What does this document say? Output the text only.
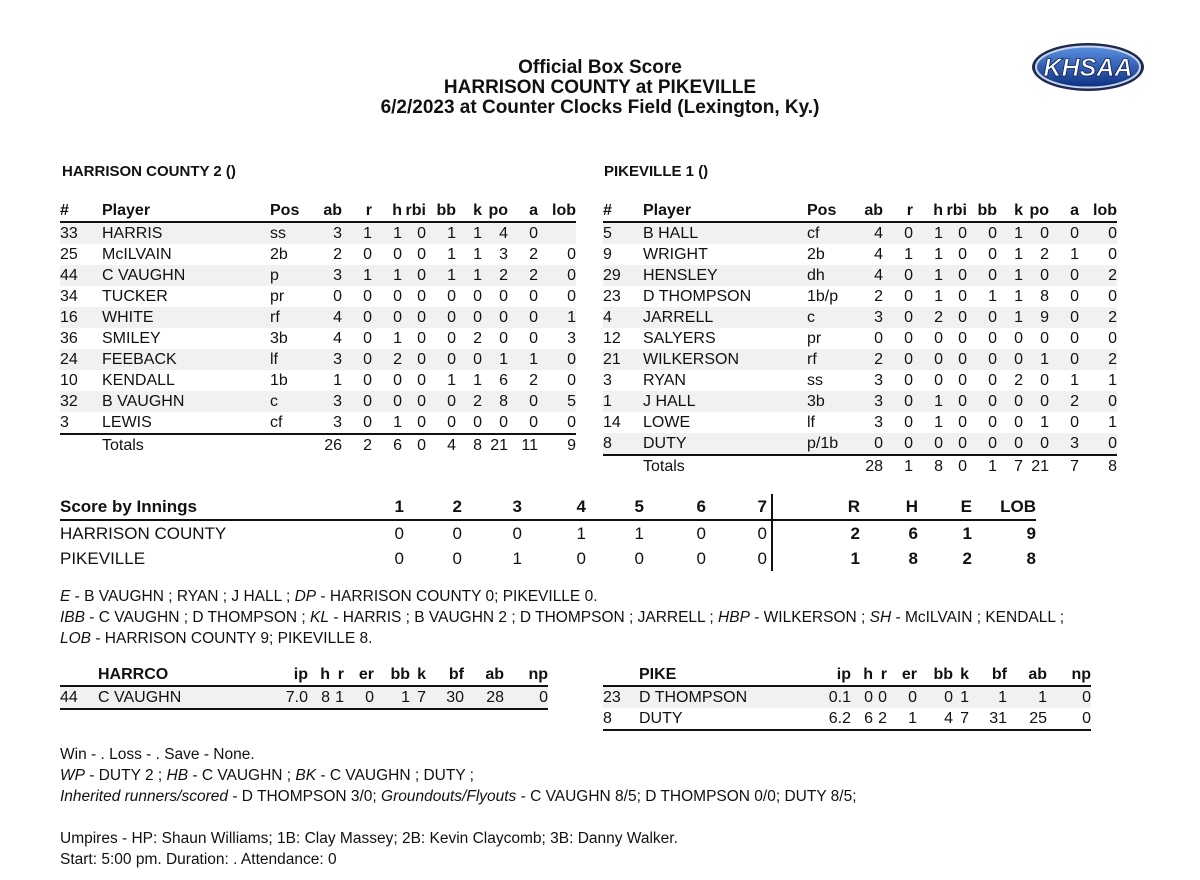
Official Box Score
HARRISON COUNTY at PIKEVILLE
6/2/2023 at Counter Clocks Field (Lexington, Ky.)
KHSAA
HARRISON COUNTY 2 ()
#	Player	Pos	ab	r	h	rbi	bb	k	po	a	lob
33	HARRIS	ss	3	1	1	0	1	1	4	0	
25	McILVAIN	2b	2	0	0	0	1	1	3	2	0
44	C VAUGHN	p	3	1	1	0	1	1	2	2	0
34	TUCKER	pr	0	0	0	0	0	0	0	0	0
16	WHITE	rf	4	0	0	0	0	0	0	0	1
36	SMILEY	3b	4	0	1	0	0	2	0	0	3
24	FEEBACK	lf	3	0	2	0	0	0	1	1	0
10	KENDALL	1b	1	0	0	0	1	1	6	2	0
32	B VAUGHN	c	3	0	0	0	0	2	8	0	5
3	LEWIS	cf	3	0	1	0	0	0	0	0	0
	Totals		26	2	6	0	4	8	21	11	9
PIKEVILLE 1 ()
#	Player	Pos	ab	r	h	rbi	bb	k	po	a	lob
5	B HALL	cf	4	0	1	0	0	1	0	0	0
9	WRIGHT	2b	4	1	1	0	0	1	2	1	0
29	HENSLEY	dh	4	0	1	0	0	1	0	0	2
23	D THOMPSON	1b/p	2	0	1	0	1	1	8	0	0
4	JARRELL	c	3	0	2	0	0	1	9	0	2
12	SALYERS	pr	0	0	0	0	0	0	0	0	0
21	WILKERSON	rf	2	0	0	0	0	0	1	0	2
3	RYAN	ss	3	0	0	0	0	2	0	1	1
1	J HALL	3b	3	0	1	0	0	0	0	2	0
14	LOWE	lf	3	0	1	0	0	0	1	0	1
8	DUTY	p/1b	0	0	0	0	0	0	0	3	0
	Totals		28	1	8	0	1	7	21	7	8
Score by Innings	1	2	3	4	5	6	7	R	H	E	LOB
HARRISON COUNTY	0	0	0	1	1	0	0	2	6	1	9
PIKEVILLE	0	0	1	0	0	0	0	1	8	2	8
E - B VAUGHN ; RYAN ; J HALL ; DP - HARRISON COUNTY 0; PIKEVILLE 0.
IBB - C VAUGHN ; D THOMPSON ; KL - HARRIS ; B VAUGHN 2 ; D THOMPSON ; JARRELL ; HBP - WILKERSON ; SH - McILVAIN ; KENDALL ;
LOB - HARRISON COUNTY 9; PIKEVILLE 8.
	HARRCO	ip	h	r	er	bb	k	bf	ab	np
44	C VAUGHN	7.0	8	1	0	1	7	30	28	0
	PIKE	ip	h	r	er	bb	k	bf	ab	np
23	D THOMPSON	0.1	0	0	0	0	1	1	1	0
8	DUTY	6.2	6	2	1	4	7	31	25	0
Win - . Loss - . Save - None.
WP - DUTY 2 ; HB - C VAUGHN ; BK - C VAUGHN ; DUTY ;
Inherited runners/scored - D THOMPSON 3/0; Groundouts/Flyouts - C VAUGHN 8/5; D THOMPSON 0/0; DUTY 8/5;
Umpires - HP: Shaun Williams; 1B: Clay Massey; 2B: Kevin Claycomb; 3B: Danny Walker.
Start: 5:00 pm. Duration: . Attendance: 0
